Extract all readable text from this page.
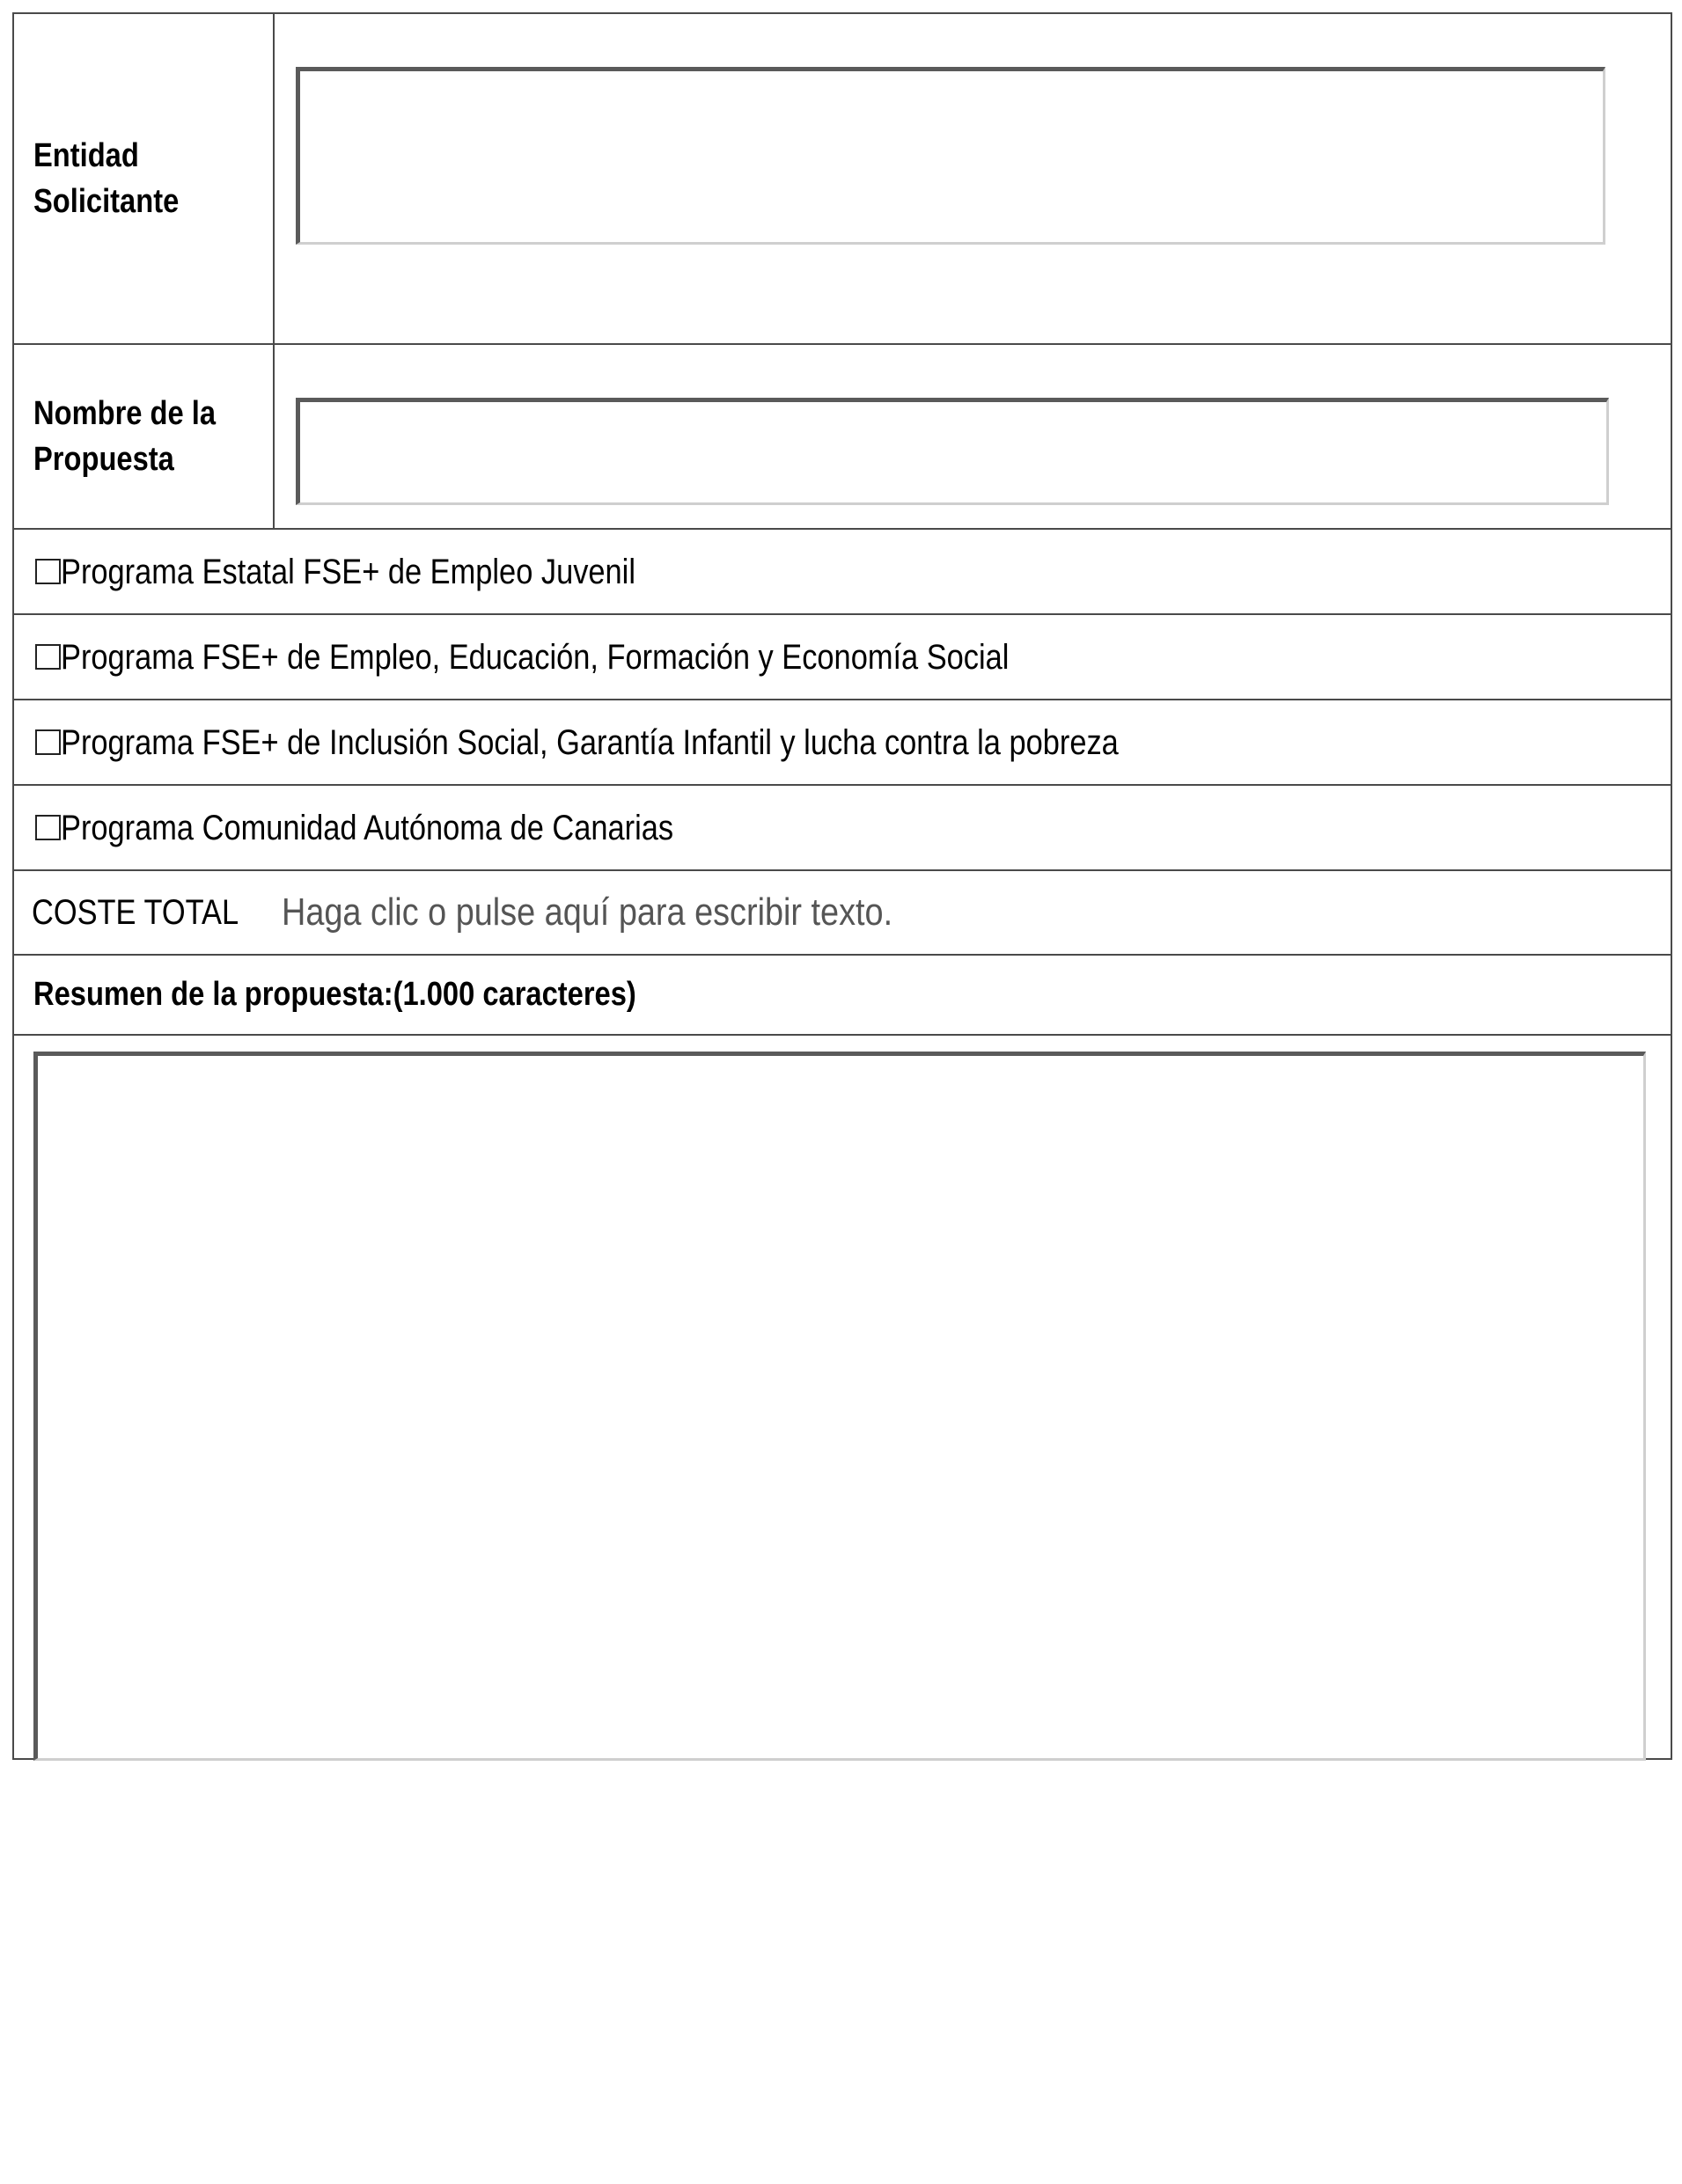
Entidad
Solicitante
Nombre de la
Propuesta
Programa Estatal FSE+ de Empleo Juvenil
Programa FSE+ de Empleo, Educación, Formación y Economía Social
Programa FSE+ de Inclusión Social, Garantía Infantil y lucha contra la pobreza
Programa Comunidad Autónoma de Canarias
COSTE TOTAL Haga clic o pulse aquí para escribir texto.
Resumen de la propuesta:(1.000 caracteres)
